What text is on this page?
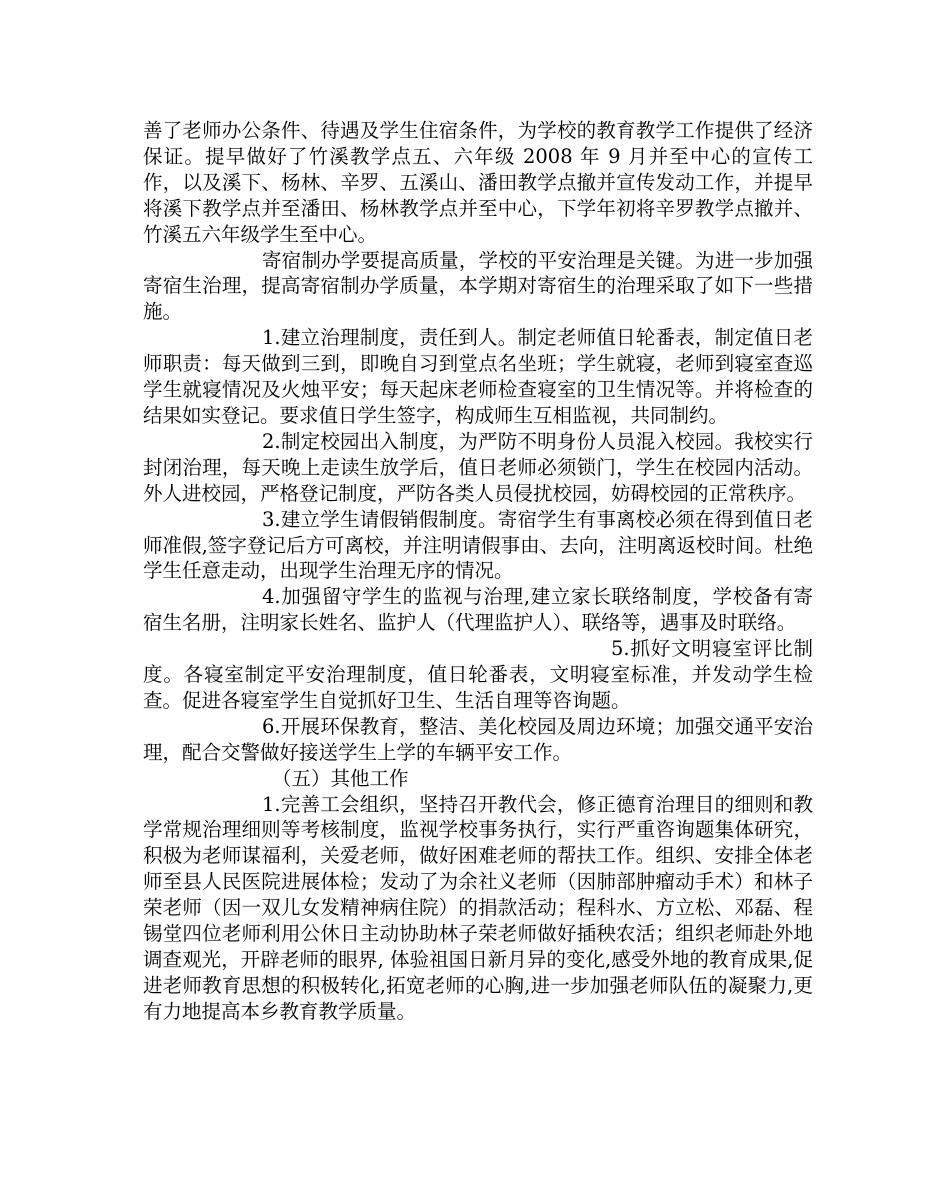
善了老师办公条件、待遇及学生住宿条件，为学校的教育教学工作提供了经济保证。提早做好了竹溪教学点五、六年级 2008 年 9 月并至中心的宣传工作，以及溪下、杨林、辛罗、五溪山、潘田教学点撤并宣传发动工作，并提早将溪下教学点并至潘田、杨林教学点并至中心，下学年初将辛罗教学点撤并、竹溪五六年级学生至中心。

寄宿制办学要提高质量，学校的平安治理是关键。为进一步加强寄宿生治理，提高寄宿制办学质量，本学期对寄宿生的治理采取了如下一些措施。

1.建立治理制度，责任到人。制定老师值日轮番表，制定值日老师职责：每天做到三到，即晚自习到堂点名坐班；学生就寝，老师到寝室查巡学生就寝情况及火烛平安；每天起床老师检查寝室的卫生情况等。并将检查的结果如实登记。要求值日学生签字，构成师生互相监视，共同制约。

2.制定校园出入制度，为严防不明身份人员混入校园。我校实行封闭治理，每天晚上走读生放学后，值日老师必须锁门，学生在校园内活动。外人进校园，严格登记制度，严防各类人员侵扰校园，妨碍校园的正常秩序。

3.建立学生请假销假制度。寄宿学生有事离校必须在得到值日老师准假,签字登记后方可离校，并注明请假事由、去向，注明离返校时间。杜绝学生任意走动，出现学生治理无序的情况。

4.加强留守学生的监视与治理,建立家长联络制度，学校备有寄宿生名册，注明家长姓名、监护人（代理监护人）、联络等，遇事及时联络。

5.抓好文明寝室评比制度。各寝室制定平安治理制度，值日轮番表，文明寝室标准，并发动学生检查。促进各寝室学生自觉抓好卫生、生活自理等咨询题。

6.开展环保教育，整洁、美化校园及周边环境；加强交通平安治理，配合交警做好接送学生上学的车辆平安工作。

（五）其他工作

1.完善工会组织，坚持召开教代会，修正德育治理目的细则和教学常规治理细则等考核制度，监视学校事务执行，实行严重咨询题集体研究，积极为老师谋福利，关爱老师，做好困难老师的帮扶工作。组织、安排全体老师至县人民医院进展体检；发动了为余社义老师（因肺部肿瘤动手术）和林子荣老师（因一双儿女发精神病住院）的捐款活动；程科水、方立松、邓磊、程锡堂四位老师利用公休日主动协助林子荣老师做好插秧农活；组织老师赴外地调查观光，开辟老师的眼界, 体验祖国日新月异的变化,感受外地的教育成果,促进老师教育思想的积极转化,拓宽老师的心胸,进一步加强老师队伍的凝聚力,更有力地提高本乡教育教学质量。
